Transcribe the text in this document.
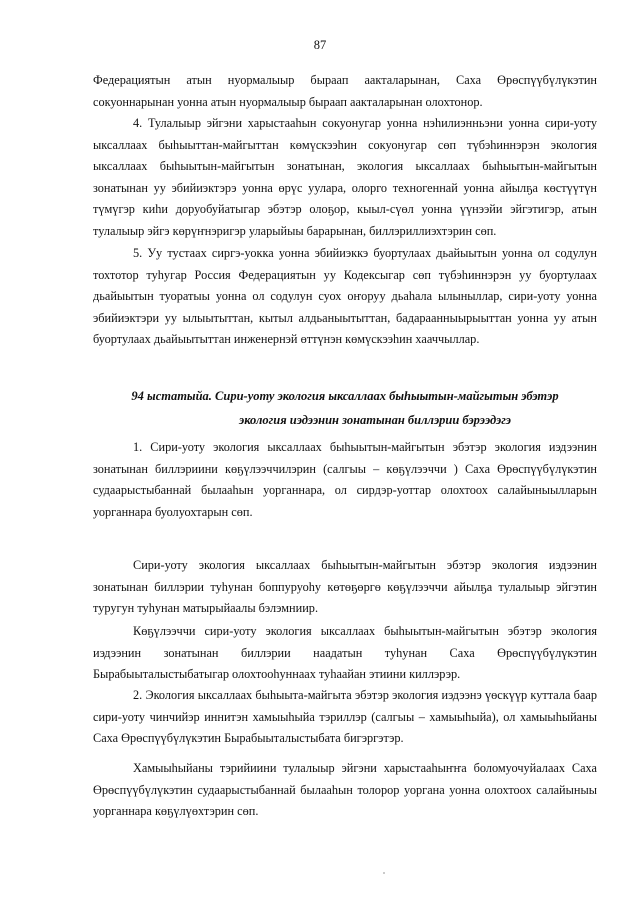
87
Федерациятын атын нуормалыыр быраап аакталарынан, Саха Өрөспүүбүлүкэтин сокуоннарынан уонна атын нуормалыыр быраап аакталарынан олохтонор.
4. Тулалыыр эйгэни харыстааһын сокуонугар уонна нэһилиэнньэни уонна сири-уоту ыксаллаах быһыыттан-майгыттан көмүскээһин сокуонугар сөп түбэһиннэрэн экология ыксаллаах быһыытын-майгытын зонатынан, экология ыксаллаах быһыытын-майгытын зонатынан уу эбийиэктэрэ уонна өрүс уулара, олорго техногеннай уонна айылҕа көстүүтүн түмүгэр киһи доруобуйатыгар эбэтэр олоҕор, кыыл-сүөл уонна үүнээйи эйгэтигэр, атын тулалыыр эйгэ көрүҥнэригэр уларыйыы барарынан, биллэриллиэхтэрин сөп.
5. Уу тустаах сиргэ-уокка уонна эбийиэккэ буортулаах дьайыытын уонна ол содулун тохтотор туһугар Россия Федерациятын уу Кодексыгар сөп түбэһиннэрэн уу буортулаах дьайыытын туоратыы уонна ол содулун суох оҥоруу дьаһала ылыныллар, сири-уоту уонна эбийиэктэри уу ылыытыттан, кытыл алдьаныытыттан, бадараанныырыыттан уонна уу атын буортулаах дьайыытыттан инженернэй өттүнэн көмүскээһин хааччыллар.
94 ыстатыйа. Сири-уоту экология ыксаллаах быһыытын-майгытын эбэтэр
экология иэдээнин зонатынан биллэрии бэрээдэгэ
1. Сири-уоту экология ыксаллаах быһыытын-майгытын эбэтэр экология иэдээнин зонатынан биллэриини көҕүлээччилэрин (салгыы – көҕүлээччи ) Саха Өрөспүүбүлүкэтин судаарыстыбаннай былааһын уорганнара, ол сирдэр-уоттар олохтоох салайыныылларын уорганнара буолуохтарын сөп.
Сири-уоту экология ыксаллаах быһыытын-майгытын эбэтэр экология иэдээнин зонатынан биллэрии туһунан боппуруоһу көтөҕөргө көҕүлээччи айылҕа тулалыыр эйгэтин туругун туһунан матырыйаалы бэлэмниир.
Көҕүлээччи сири-уоту экология ыксаллаах быһыытын-майгытын эбэтэр экология иэдээнин зонатынан биллэрии наадатын туһунан Саха Өрөспүүбүлүкэтин Бырабыыталыстыбатыгар олохтооһуннаах туһаайан этиини киллэрэр.
2. Экология ыксаллаах быһыыта-майгыта эбэтэр экология иэдээнэ үөскүүр куттала баар сири-уоту чинчийэр иннитэн хамыыһыйа тэриллэр (салгыы – хамыыһыйа), ол хамыыһыйаны Саха Өрөспүүбүлүкэтин Бырабыыталыстыбата бигэргэтэр.
Хамыыһыйаны тэрийиини тулалыыр эйгэни харыстааһыҥҥа боломуочуйалаах Саха Өрөспүүбүлүкэтин судаарыстыбаннай былааһын толорор уоргана уонна олохтоох салайыныы уорганнара көҕүлүөхтэрин сөп.
